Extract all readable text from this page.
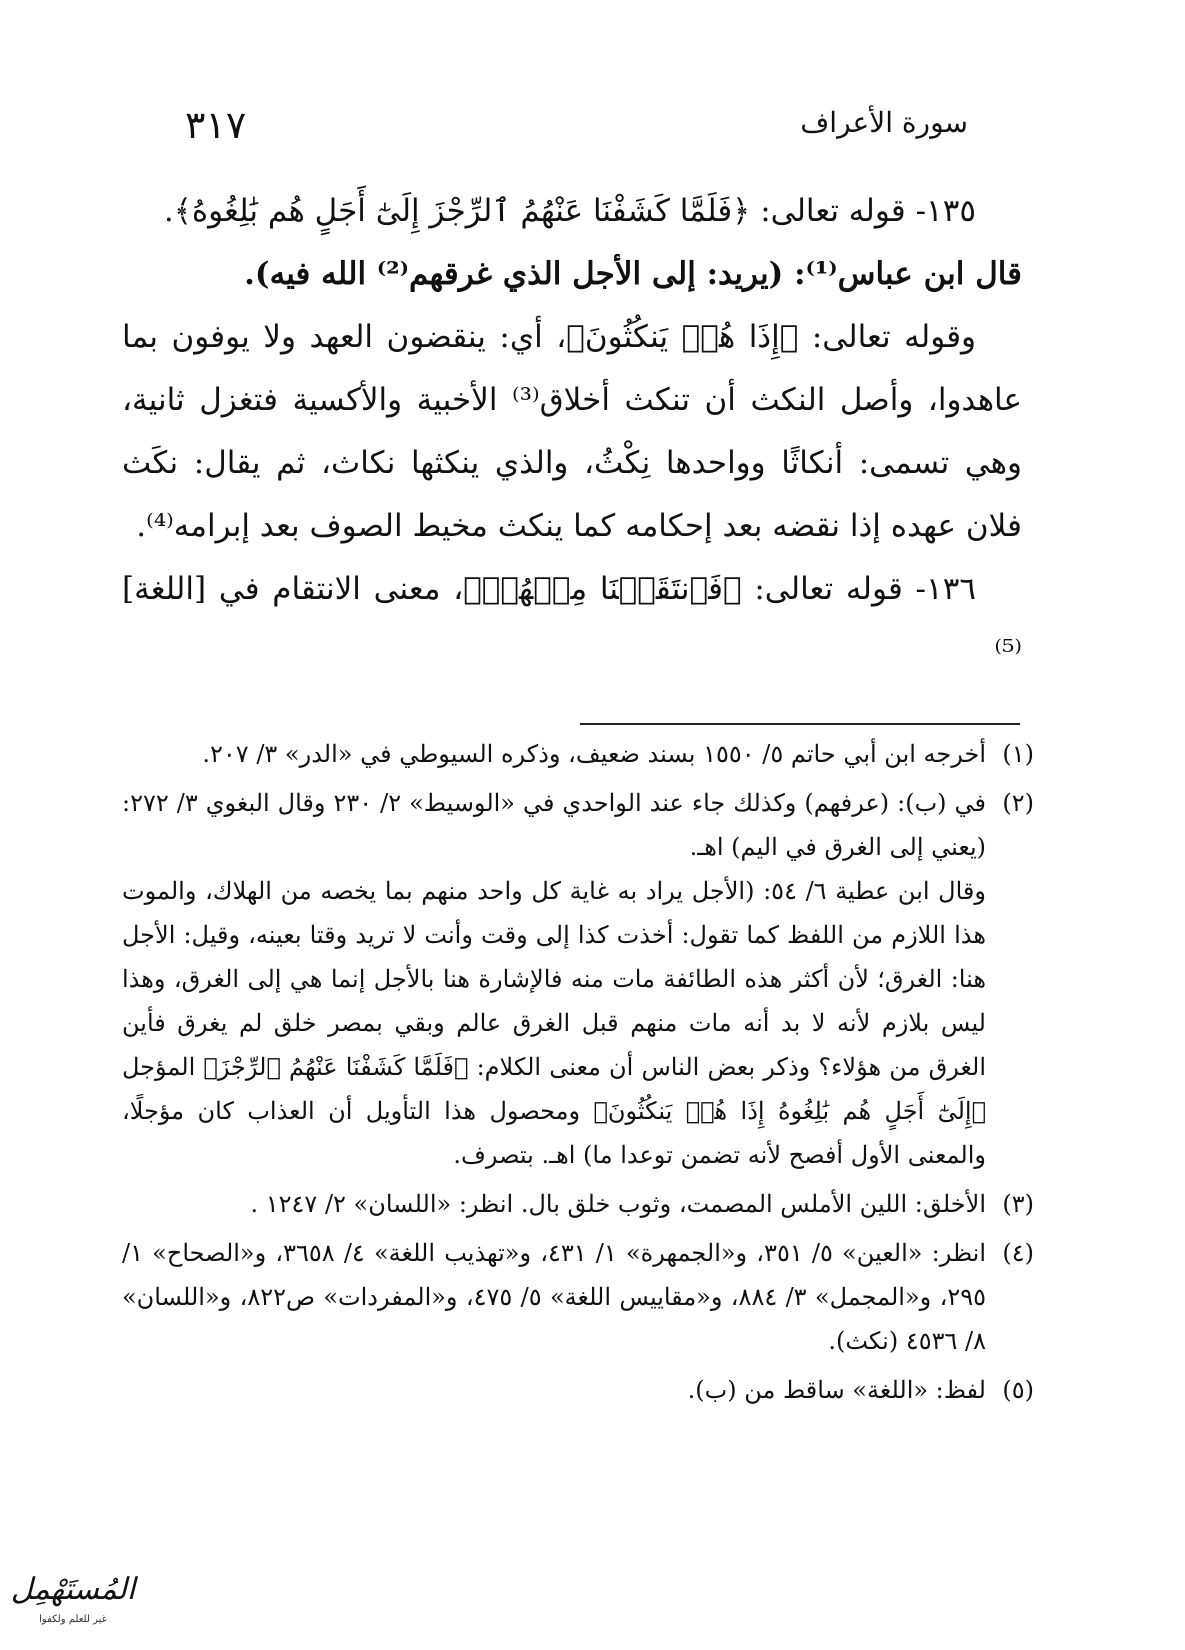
٣١٧	سورة الأعراف

١٣٥- قوله تعالى: ﴿فَلَمَّا كَشَفْنَا عَنْهُمُ ٱلرِّجْزَ إِلَىٰٓ أَجَلٍ هُم بَٰلِغُوهُ﴾.

قال ابن عباس⁽¹⁾: (يريد: إلى الأجل الذي غرقهم⁽²⁾ الله فيه).

وقوله تعالى: ﴿إِذَا هُمۡ يَنكُثُونَ﴾، أي: ينقضون العهد ولا يوفون بما عاهدوا، وأصل النكث أن تنكث أخلاق⁽³⁾ الأخبية والأكسية فتغزل ثانية، وهي تسمى: أنكاثًا وواحدها نِكْثُ، والذي ينكثها نكاث، ثم يقال: نكَث فلان عهده إذا نقضه بعد إحكامه كما ينكث مخيط الصوف بعد إبرامه⁽⁴⁾.

١٣٦- قوله تعالى: ﴿فَٱنتَقَمۡنَا مِنۡهُمۡ﴾، معنى الانتقام في [اللغة]⁽⁵⁾

(١)

أخرجه ابن أبي حاتم ٥/ ١٥٥٠ بسند ضعيف، وذكره السيوطي في «الدر» ٣/ ٢٠٧.

(٢)

في (ب): (عرفهم) وكذلك جاء عند الواحدي في «الوسيط» ٢/ ٢٣٠ وقال البغوي ٣/ ٢٧٢: (يعني إلى الغرق في اليم) اهـ.

وقال ابن عطية ٦/ ٥٤: (الأجل يراد به غاية كل واحد منهم بما يخصه من الهلاك، والموت هذا اللازم من اللفظ كما تقول: أخذت كذا إلى وقت وأنت لا تريد وقتا بعينه، وقيل: الأجل هنا: الغرق؛ لأن أكثر هذه الطائفة مات منه فالإشارة هنا بالأجل إنما هي إلى الغرق، وهذا ليس بلازم لأنه لا بد أنه مات منهم قبل الغرق عالم وبقي بمصر خلق لم يغرق فأين الغرق من هؤلاء؟ وذكر بعض الناس أن معنى الكلام: ﴿فَلَمَّا كَشَفْنَا عَنْهُمُ ٱلرِّجْزَ﴾ المؤجل ﴿إِلَىٰٓ أَجَلٍ هُم بَٰلِغُوهُ إِذَا هُمۡ يَنكُثُونَ﴾ ومحصول هذا التأويل أن العذاب كان مؤجلًا، والمعنى الأول أفصح لأنه تضمن توعدا ما) اهـ. بتصرف.

(٣)

الأخلق: اللين الأملس المصمت، وثوب خلق بال. انظر: «اللسان» ٢/ ١٢٤٧ .

(٤)

انظر: «العين» ٥/ ٣٥١، و«الجمهرة» ١/ ٤٣١، و«تهذيب اللغة» ٤/ ٣٦٥٨، و«الصحاح» ١/ ٢٩٥، و«المجمل» ٣/ ٨٨٤، و«مقاييس اللغة» ٥/ ٤٧٥، و«المفردات» ص٨٢٢، و«اللسان» ٨/ ٤٥٣٦ (نكث).

(٥)

لفظ: «اللغة» ساقط من (ب).

المُستَهْمِل
غير للعلم ولكفوا
